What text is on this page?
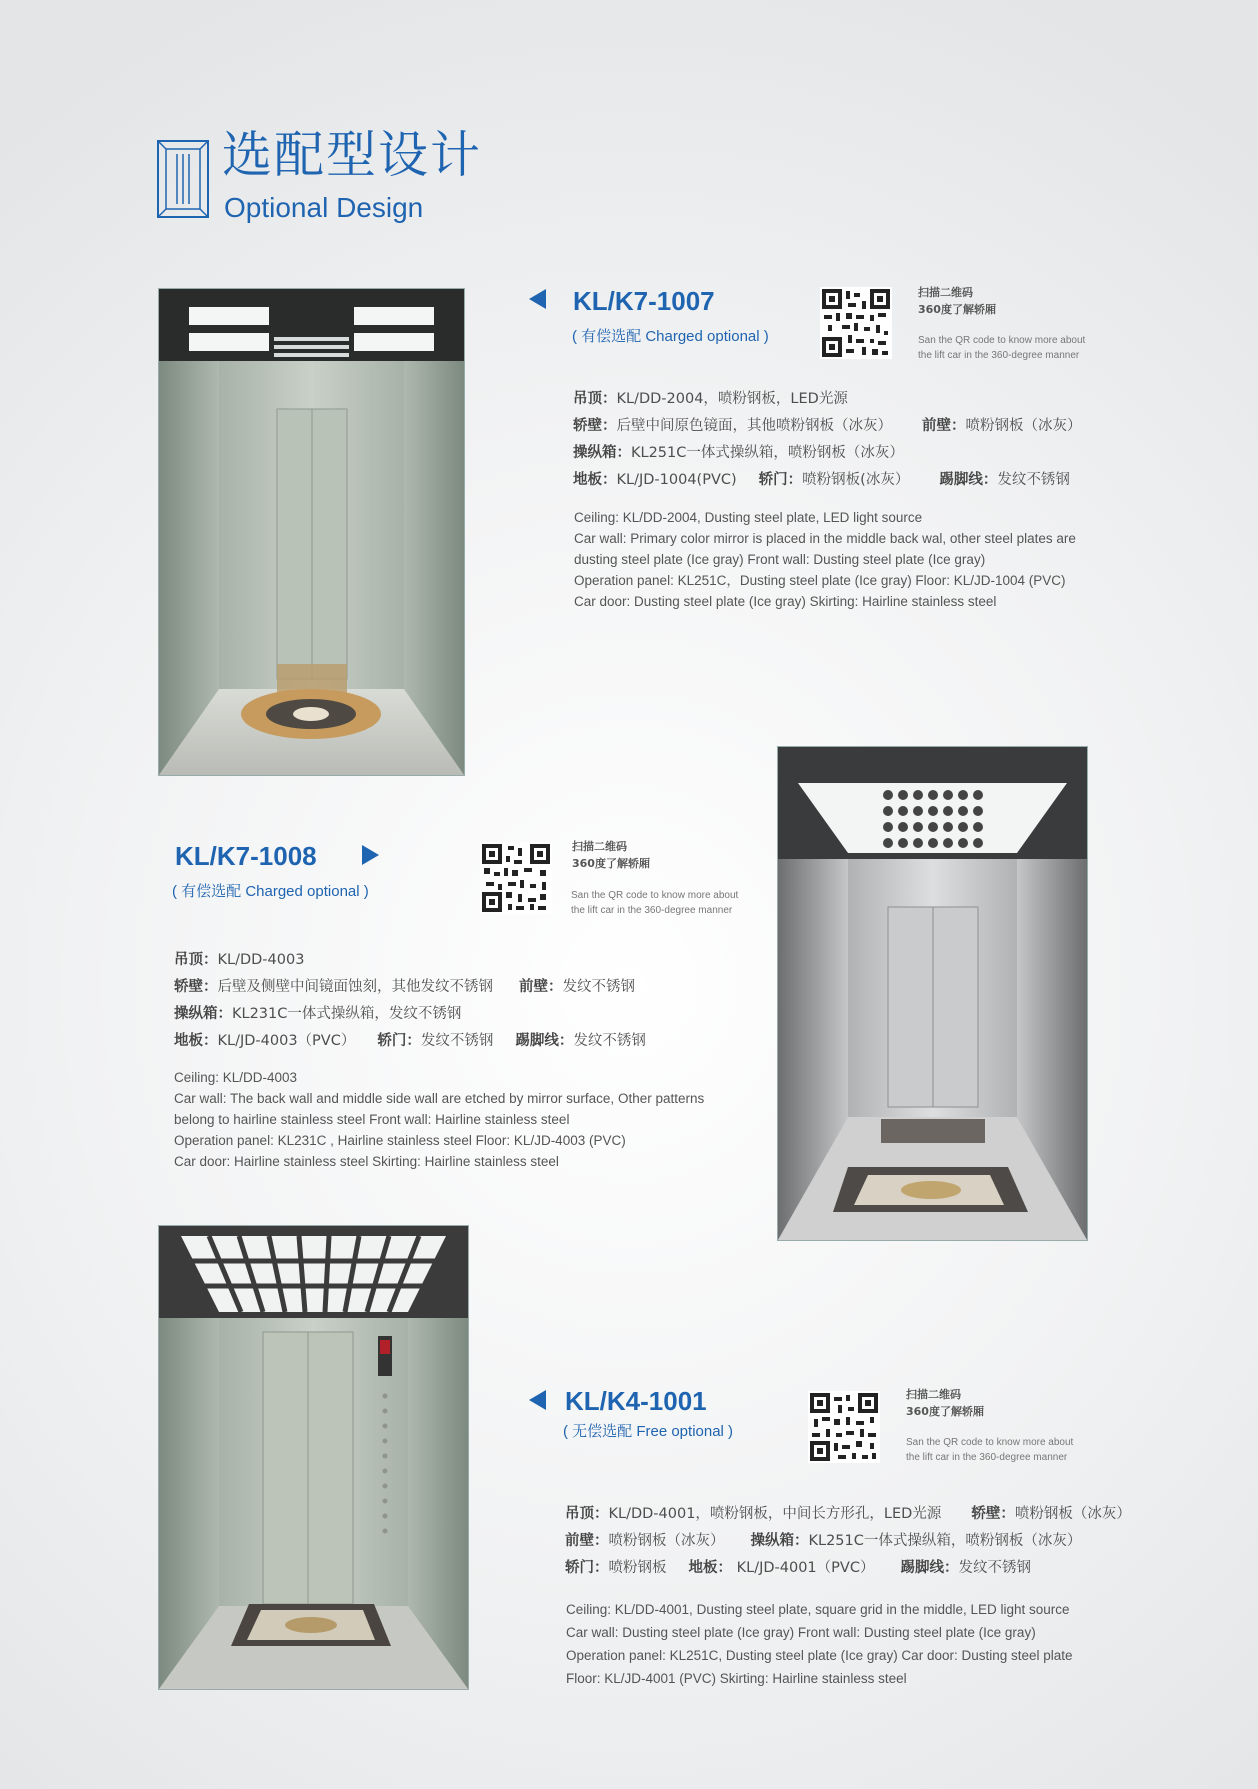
选配型设计
Optional Design
KL/K7-1007
( 有偿选配 Charged optional )
扫描二维码
360度了解轿厢
San the QR code to know more about
the lift car in the 360-degree manner
吊顶：KL/DD-2004，喷粉钢板，LED光源
轿壁：后壁中间原色镜面，其他喷粉钢板（冰灰） 前壁：喷粉钢板（冰灰）
操纵箱：KL251C一体式操纵箱，喷粉钢板（冰灰）
地板：KL/JD-1004(PVC) 轿门：喷粉钢板(冰灰） 踢脚线：发纹不锈钢
Ceiling: KL/DD-2004, Dusting steel plate, LED light source
Car wall: Primary color mirror is placed in the middle back wal, other steel plates are
dusting steel plate (Ice gray) Front wall: Dusting steel plate (Ice gray)
Operation panel: KL251C，Dusting steel plate (Ice gray) Floor: KL/JD-1004 (PVC)
Car door: Dusting steel plate (Ice gray) Skirting: Hairline stainless steel
KL/K7-1008
( 有偿选配 Charged optional )
扫描二维码
360度了解轿厢
San the QR code to know more about
the lift car in the 360-degree manner
吊顶：KL/DD-4003
轿壁：后壁及侧壁中间镜面蚀刻，其他发纹不锈钢 前壁：发纹不锈钢
操纵箱：KL231C一体式操纵箱，发纹不锈钢
地板：KL/JD-4003（PVC） 轿门：发纹不锈钢 踢脚线：发纹不锈钢
Ceiling: KL/DD-4003
Car wall: The back wall and middle side wall are etched by mirror surface, Other patterns
belong to hairline stainless steel Front wall: Hairline stainless steel
Operation panel: KL231C , Hairline stainless steel Floor: KL/JD-4003 (PVC)
Car door: Hairline stainless steel Skirting: Hairline stainless steel
KL/K4-1001
( 无偿选配 Free optional )
扫描二维码
360度了解轿厢
San the QR code to know more about
the lift car in the 360-degree manner
吊顶：KL/DD-4001，喷粉钢板，中间长方形孔，LED光源 轿壁：喷粉钢板（冰灰）
前壁：喷粉钢板（冰灰） 操纵箱：KL251C一体式操纵箱，喷粉钢板（冰灰）
轿门：喷粉钢板 地板： KL/JD-4001（PVC） 踢脚线：发纹不锈钢
Ceiling: KL/DD-4001, Dusting steel plate, square grid in the middle, LED light source
Car wall: Dusting steel plate (Ice gray) Front wall: Dusting steel plate (Ice gray)
Operation panel: KL251C, Dusting steel plate (Ice gray) Car door: Dusting steel plate
Floor: KL/JD-4001 (PVC) Skirting: Hairline stainless steel
